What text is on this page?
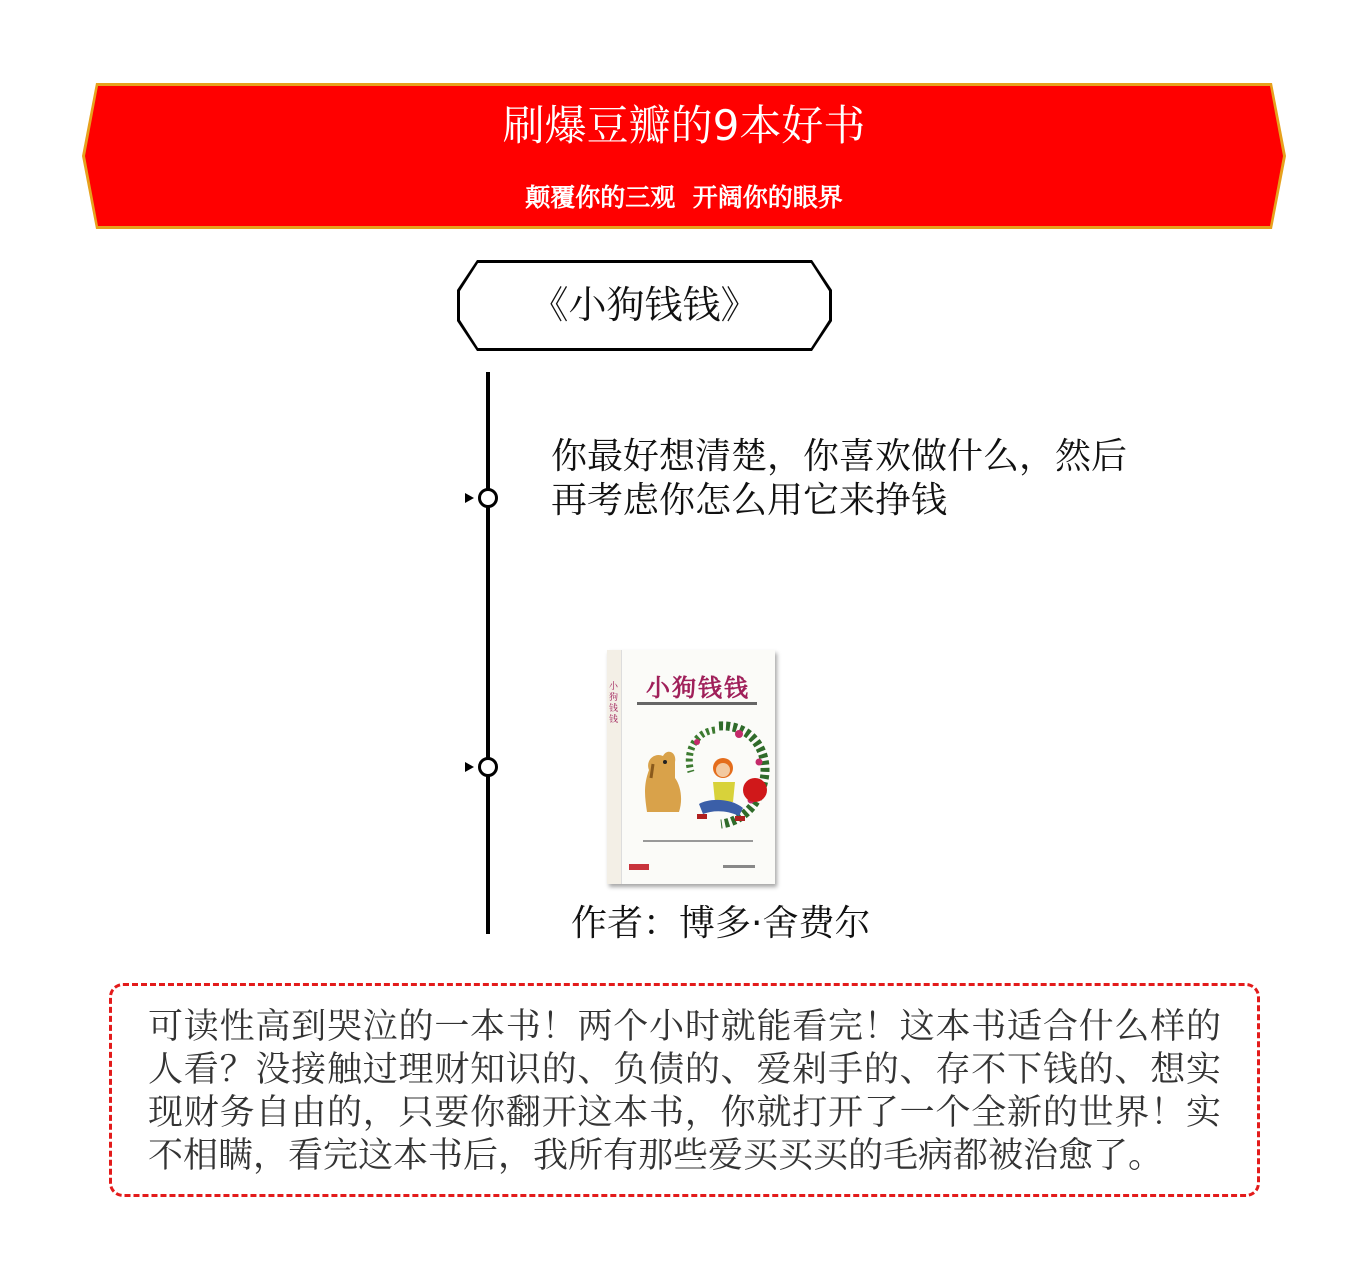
刷爆豆瓣的9本好书
颠覆你的三观  开阔你的眼界
《小狗钱钱》
你最好想清楚，你喜欢做什么，然后再考虑你怎么用它来挣钱
小狗钱钱
小狗钱钱
作者：博多·舍费尔
可读性高到哭泣的一本书！两个小时就能看完！这本书适合什么样的人看？没接触过理财知识的、负债的、爱剁手的、存不下钱的、想实现财务自由的，只要你翻开这本书，你就打开了一个全新的世界！实不相瞒，看完这本书后，我所有那些爱买买买的毛病都被治愈了。
